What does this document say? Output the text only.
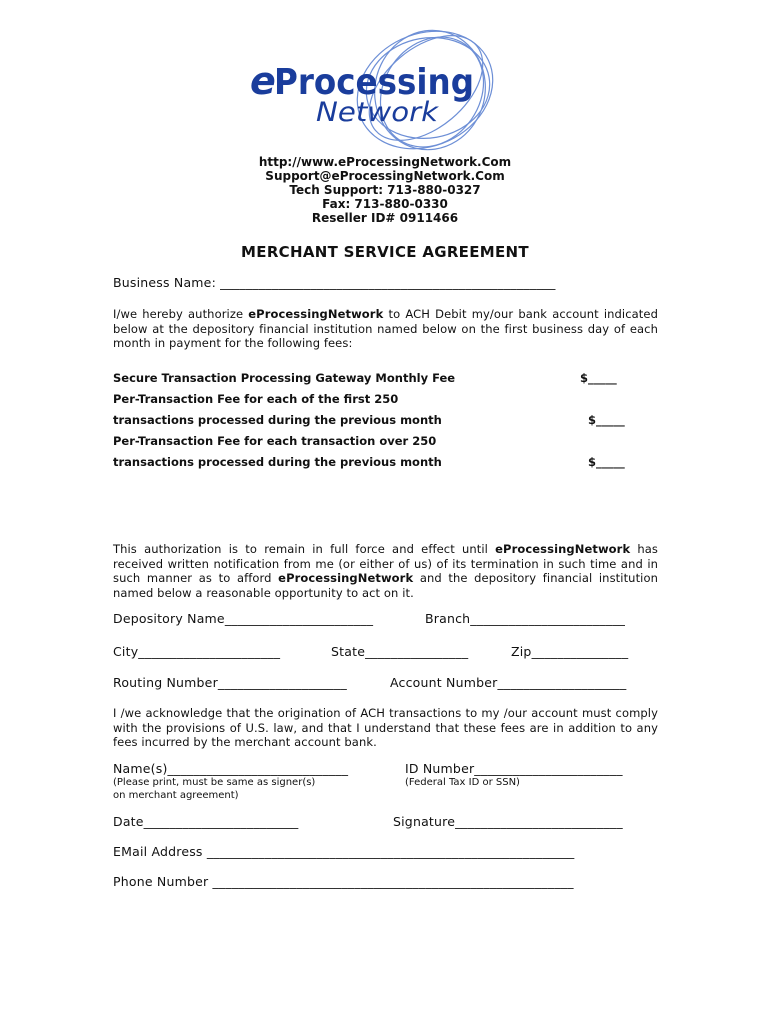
e
Processing
Network
http://www.eProcessingNetwork.Com
Support@eProcessingNetwork.Com
Tech Support: 713-880-0327
Fax: 713-880-0330
Reseller ID# 0911466
MERCHANT SERVICE AGREEMENT
Business Name: ____________________________________________________
I/we hereby authorize eProcessingNetwork to ACH Debit my/our bank account indicated below at the depository financial institution named below on the first business day of each month in payment for the following fees:
Secure Transaction Processing Gateway Monthly Fee	$_____
Per-Transaction Fee for each of the first 250
transactions processed during the previous month	$_____
Per-Transaction Fee for each transaction over 250
transactions processed during the previous month	$_____
This authorization is to remain in full force and effect until eProcessingNetwork has received written notification from me (or either of us) of its termination in such time and in such manner as to afford eProcessingNetwork and the depository financial institution named below a reasonable opportunity to act on it.
Depository Name_______________________	Branch________________________
City______________________	State________________	Zip_______________
Routing Number____________________	Account Number____________________
I /we acknowledge that the origination of ACH transactions to my /our account must comply with the provisions of U.S. law, and that I understand that these fees are in addition to any fees incurred by the merchant account bank.
Name(s)____________________________
(Please print, must be same as signer(s)
on merchant agreement)
ID Number_______________________
(Federal Tax ID or SSN)
Date________________________	Signature__________________________
EMail Address _________________________________________________________
Phone Number ________________________________________________________
